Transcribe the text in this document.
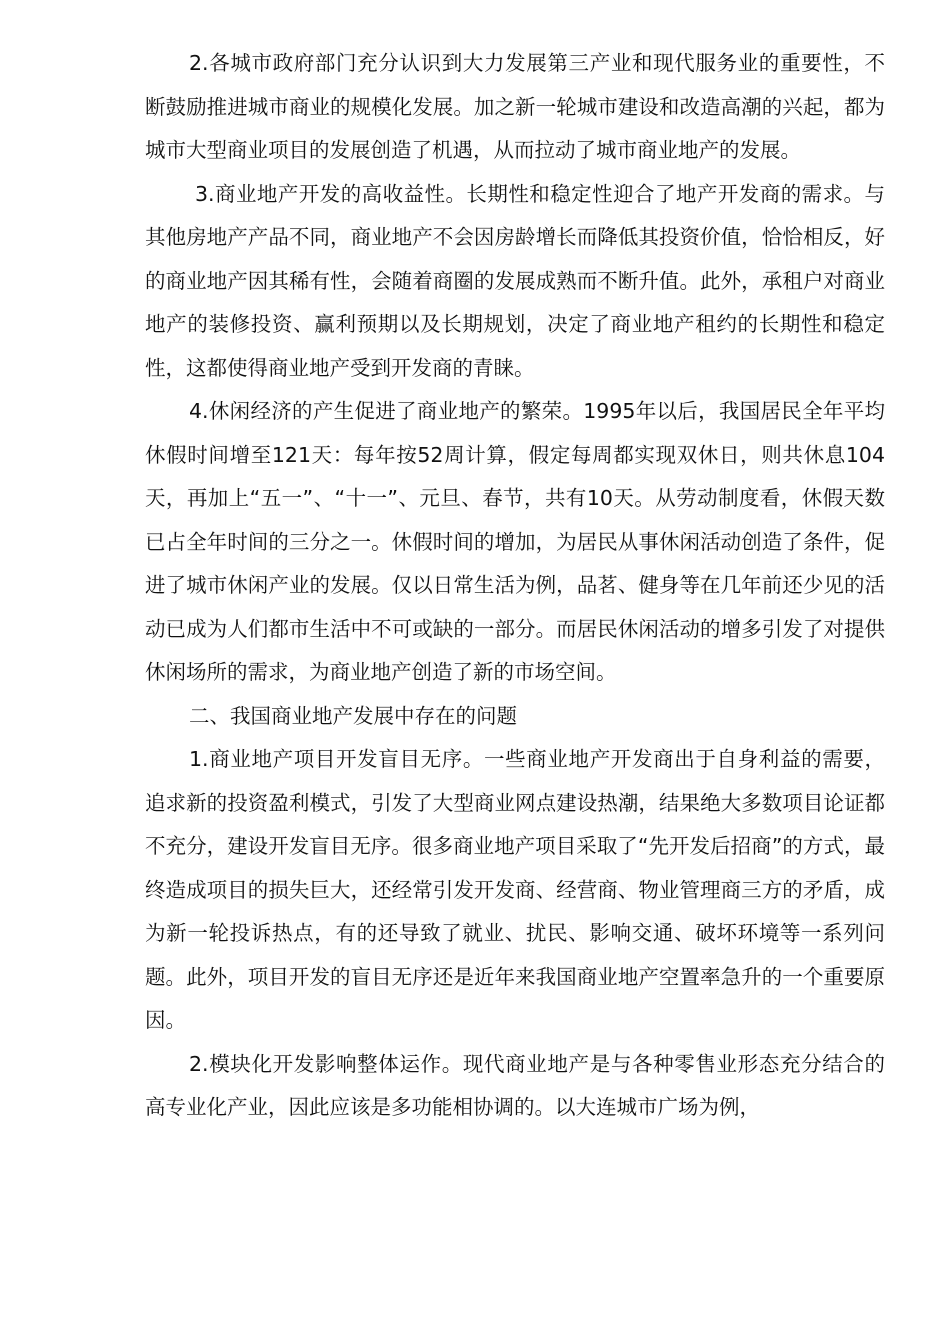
2.各城市政府部门充分认识到大力发展第三产业和现代服务业的重要性，不断鼓励推进城市商业的规模化发展。加之新一轮城市建设和改造高潮的兴起，都为城市大型商业项目的发展创造了机遇，从而拉动了城市商业地产的发展。

3.商业地产开发的高收益性。长期性和稳定性迎合了地产开发商的需求。与其他房地产产品不同，商业地产不会因房龄增长而降低其投资价值，恰恰相反，好的商业地产因其稀有性，会随着商圈的发展成熟而不断升值。此外，承租户对商业地产的装修投资、赢利预期以及长期规划，决定了商业地产租约的长期性和稳定性，这都使得商业地产受到开发商的青睐。

4.休闲经济的产生促进了商业地产的繁荣。1995年以后，我国居民全年平均休假时间增至121天：每年按52周计算，假定每周都实现双休日，则共休息104天，再加上“五一”、“十一”、元旦、春节，共有10天。从劳动制度看，休假天数已占全年时间的三分之一。休假时间的增加，为居民从事休闲活动创造了条件，促进了城市休闲产业的发展。仅以日常生活为例，品茗、健身等在几年前还少见的活动已成为人们都市生活中不可或缺的一部分。而居民休闲活动的增多引发了对提供休闲场所的需求，为商业地产创造了新的市场空间。

二、我国商业地产发展中存在的问题

1.商业地产项目开发盲目无序。一些商业地产开发商出于自身利益的需要，追求新的投资盈利模式，引发了大型商业网点建设热潮，结果绝大多数项目论证都不充分，建设开发盲目无序。很多商业地产项目采取了“先开发后招商”的方式，最终造成项目的损失巨大，还经常引发开发商、经营商、物业管理商三方的矛盾，成为新一轮投诉热点，有的还导致了就业、扰民、影响交通、破坏环境等一系列问题。此外，项目开发的盲目无序还是近年来我国商业地产空置率急升的一个重要原因。

2.模块化开发影响整体运作。现代商业地产是与各种零售业形态充分结合的高专业化产业，因此应该是多功能相协调的。以大连城市广场为例，
